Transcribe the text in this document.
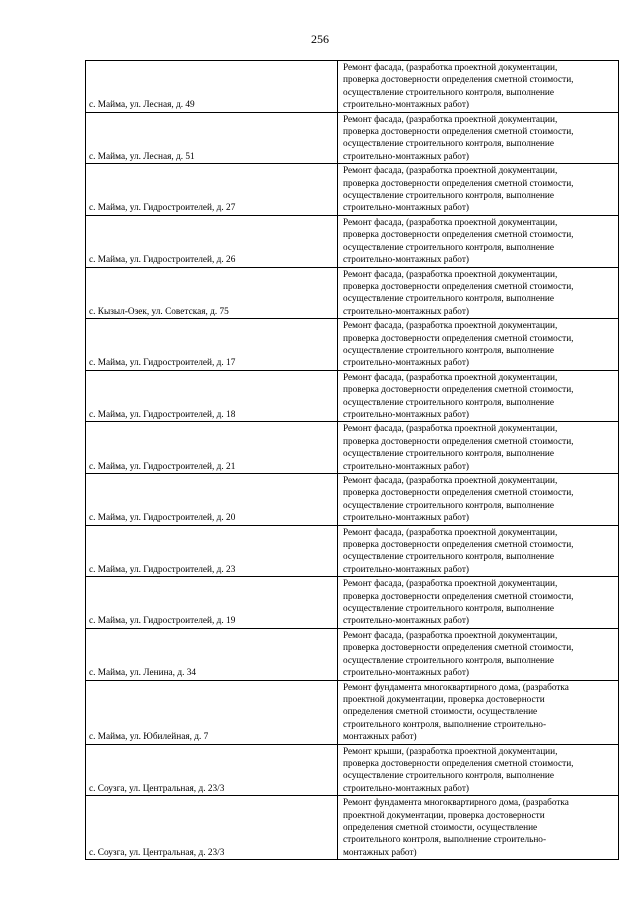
256
с. Майма, ул. Лесная, д. 49	Ремонт фасада, (разработка проектной документации,
проверка достоверности определения сметной стоимости,
осуществление строительного контроля, выполнение
строительно-монтажных работ)

с. Майма, ул. Лесная, д. 51	Ремонт фасада, (разработка проектной документации,
проверка достоверности определения сметной стоимости,
осуществление строительного контроля, выполнение
строительно-монтажных работ)

с. Майма, ул. Гидростроителей, д. 27	Ремонт фасада, (разработка проектной документации,
проверка достоверности определения сметной стоимости,
осуществление строительного контроля, выполнение
строительно-монтажных работ)

с. Майма, ул. Гидростроителей, д. 26	Ремонт фасада, (разработка проектной документации,
проверка достоверности определения сметной стоимости,
осуществление строительного контроля, выполнение
строительно-монтажных работ)

с. Кызыл-Озек, ул. Советская, д. 75	Ремонт фасада, (разработка проектной документации,
проверка достоверности определения сметной стоимости,
осуществление строительного контроля, выполнение
строительно-монтажных работ)

с. Майма, ул. Гидростроителей, д. 17	Ремонт фасада, (разработка проектной документации,
проверка достоверности определения сметной стоимости,
осуществление строительного контроля, выполнение
строительно-монтажных работ)

с. Майма, ул. Гидростроителей, д. 18	Ремонт фасада, (разработка проектной документации,
проверка достоверности определения сметной стоимости,
осуществление строительного контроля, выполнение
строительно-монтажных работ)

с. Майма, ул. Гидростроителей, д. 21	Ремонт фасада, (разработка проектной документации,
проверка достоверности определения сметной стоимости,
осуществление строительного контроля, выполнение
строительно-монтажных работ)

с. Майма, ул. Гидростроителей, д. 20	Ремонт фасада, (разработка проектной документации,
проверка достоверности определения сметной стоимости,
осуществление строительного контроля, выполнение
строительно-монтажных работ)

с. Майма, ул. Гидростроителей, д. 23	Ремонт фасада, (разработка проектной документации,
проверка достоверности определения сметной стоимости,
осуществление строительного контроля, выполнение
строительно-монтажных работ)

с. Майма, ул. Гидростроителей, д. 19	Ремонт фасада, (разработка проектной документации,
проверка достоверности определения сметной стоимости,
осуществление строительного контроля, выполнение
строительно-монтажных работ)

с. Майма, ул. Ленина, д. 34	Ремонт фасада, (разработка проектной документации,
проверка достоверности определения сметной стоимости,
осуществление строительного контроля, выполнение
строительно-монтажных работ)

с. Майма, ул. Юбилейная, д. 7	Ремонт фундамента многоквартирного дома, (разработка
проектной документации, проверка достоверности
определения сметной стоимости, осуществление
строительного контроля, выполнение строительно-
монтажных работ)

с. Соузга, ул. Центральная, д. 23/3	Ремонт крыши, (разработка проектной документации,
проверка достоверности определения сметной стоимости,
осуществление строительного контроля, выполнение
строительно-монтажных работ)

с. Соузга, ул. Центральная, д. 23/3	Ремонт фундамента многоквартирного дома, (разработка
проектной документации, проверка достоверности
определения сметной стоимости, осуществление
строительного контроля, выполнение строительно-
монтажных работ)
